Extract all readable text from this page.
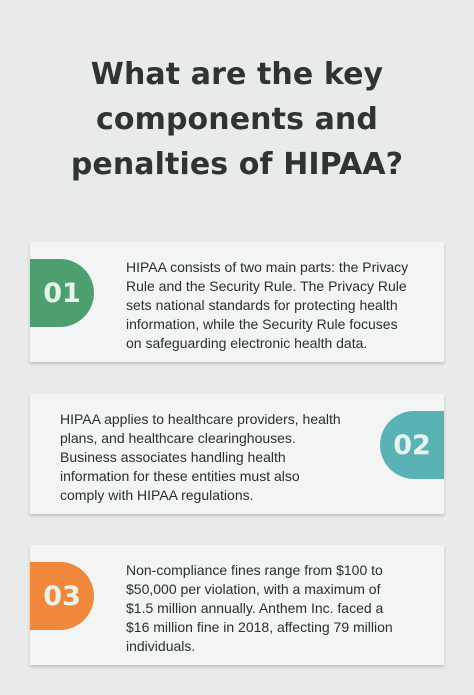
What are the key
components and
penalties of HIPAA?
01

HIPAA consists of two main parts: the Privacy
Rule and the Security Rule. The Privacy Rule
sets national standards for protecting health
information, while the Security Rule focuses
on safeguarding electronic health data.

HIPAA applies to healthcare providers, health
plans, and healthcare clearinghouses.
Business associates handling health
information for these entities must also
comply with HIPAA regulations.

02
03

Non-compliance fines range from $100 to
$50,000 per violation, with a maximum of
$1.5 million annually. Anthem Inc. faced a
$16 million fine in 2018, affecting 79 million
individuals.
